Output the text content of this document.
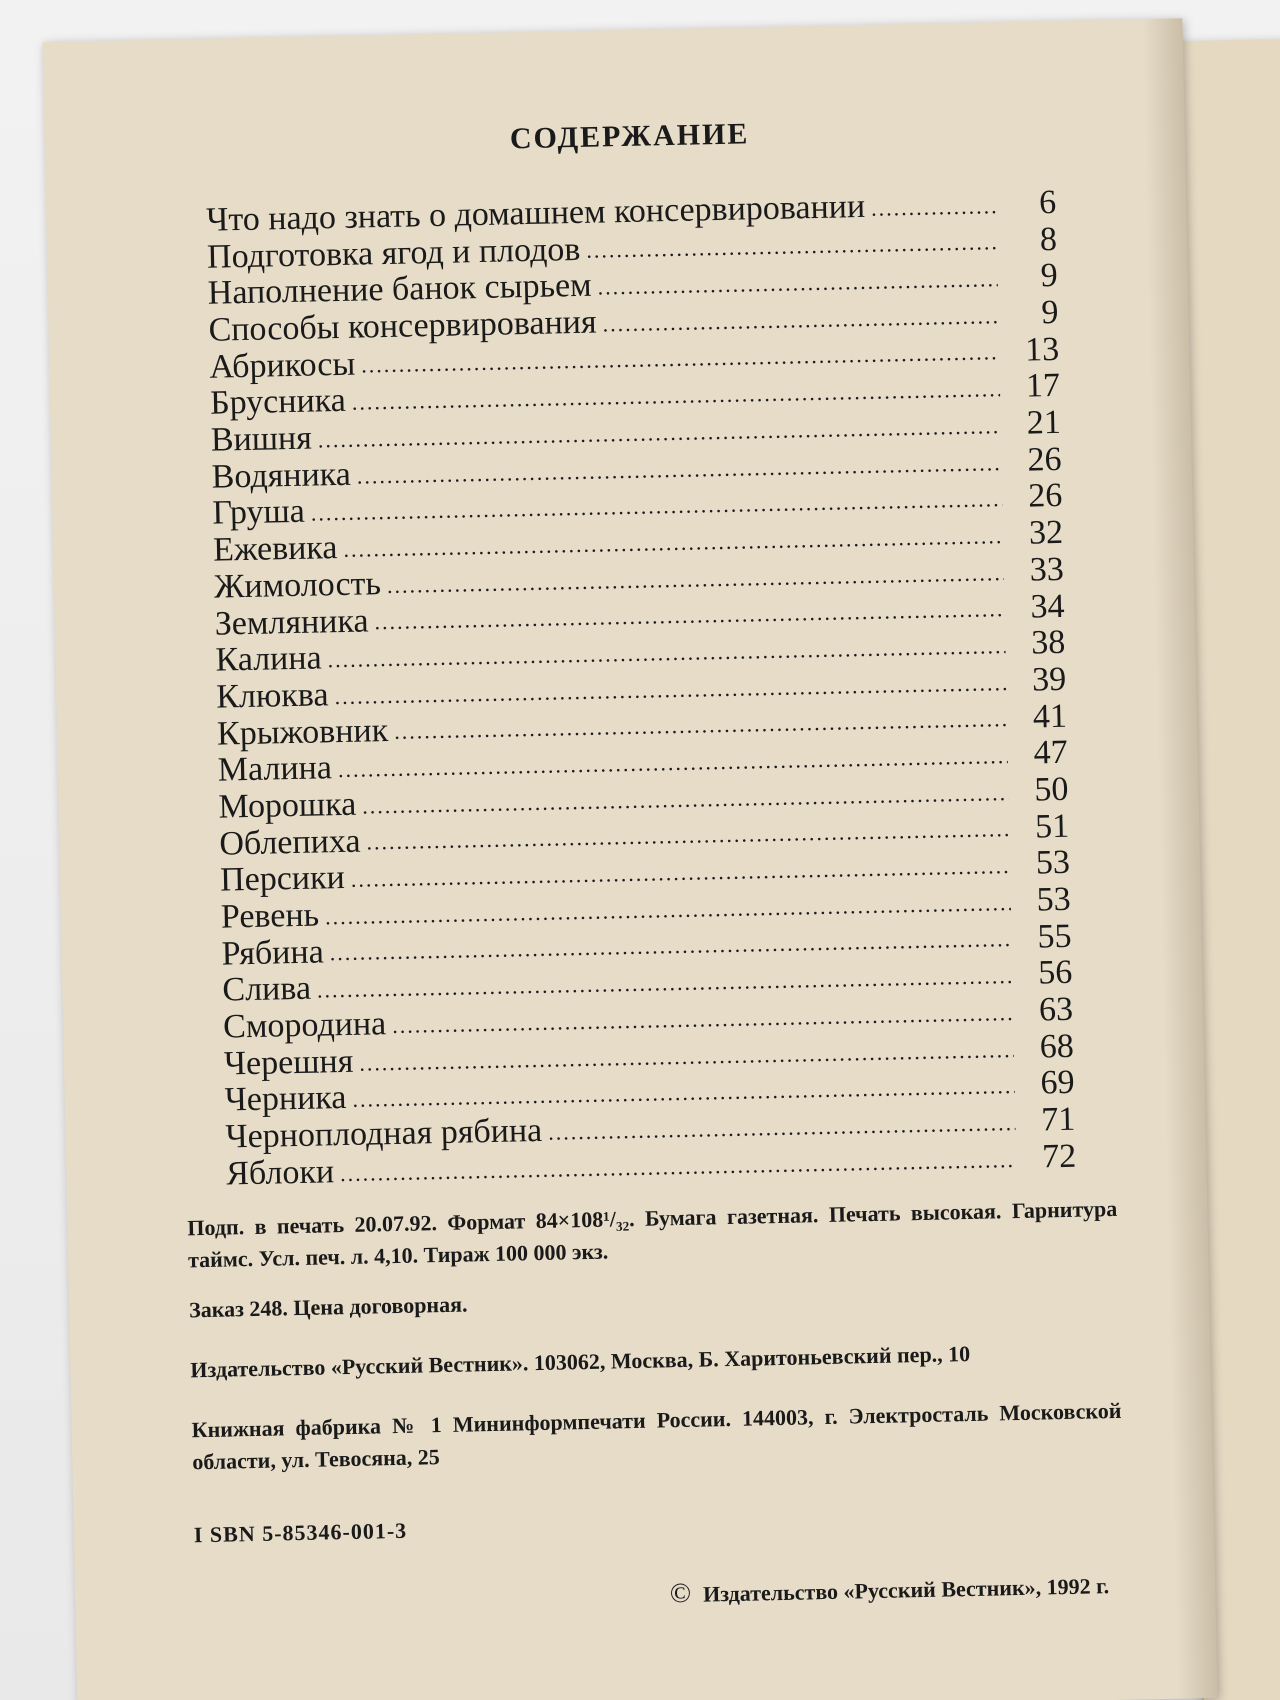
СОДЕРЖАНИЕ
Что надо знать о домашнем консервировании .....	6
Подготовка ягод и плодов .....	8
Наполнение банок сырьем .....	9
Способы консервирования .....	9
Абрикосы .....	13
Брусника .....	17
Вишня .....	21
Водяника .....	26
Груша .....	26
Ежевика .....	32
Жимолость .....	33
Земляника .....	34
Калина .....	38
Клюква .....	39
Крыжовник .....	41
Малина .....	47
Морошка .....	50
Облепиха .....	51
Персики .....	53
Ревень .....	53
Рябина .....	55
Слива .....	56
Смородина .....	63
Черешня .....	68
Черника .....	69
Черноплодная рябина .....	71
Яблоки .....	72
Подп. в печать 20.07.92. Формат 84×108¹/₃₂. Бумага газетная. Печать высокая. Гарнитура таймс. Усл. печ. л. 4,10. Тираж 100 000 экз.
Заказ 248. Цена договорная.
Издательство «Русский Вестник». 103062, Москва, Б. Харитоньевский пер., 10
Книжная фабрика № 1 Мининформпечати России. 144003, г. Электросталь Московской области, ул. Тевосяна, 25
I SBN 5-85346-001-3
© Издательство «Русский Вестник», 1992 г.
